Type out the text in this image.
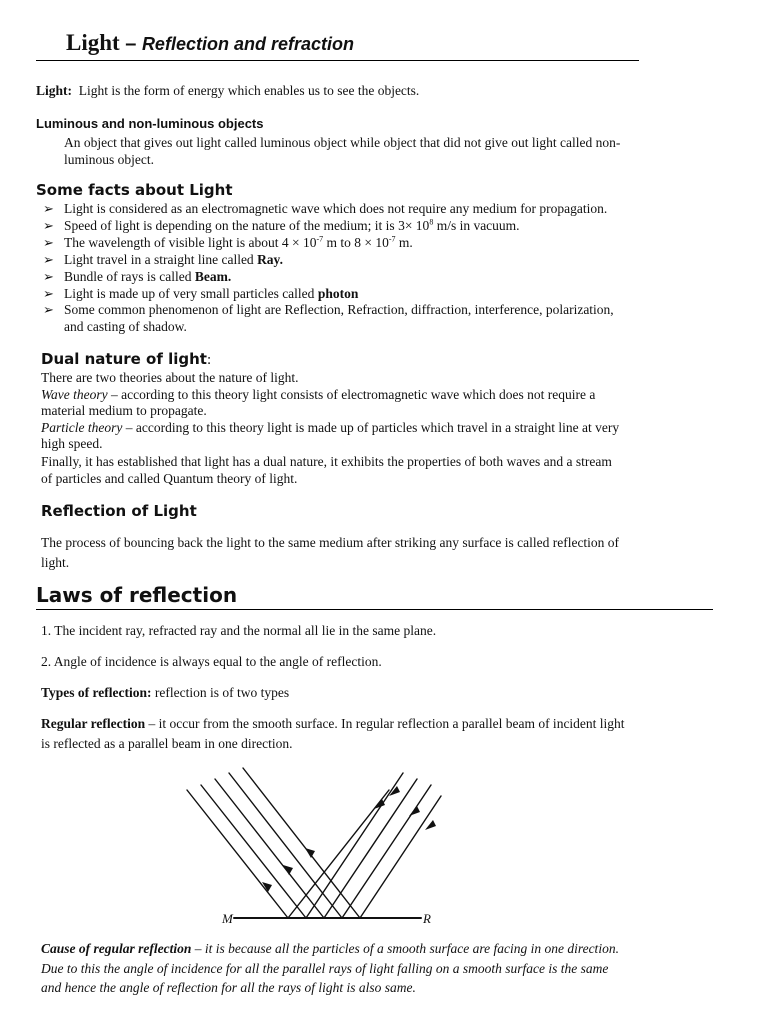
Light – Reflection and refraction
Light: Light is the form of energy which enables us to see the objects.
Luminous and non-luminous objects
An object that gives out light called luminous object while object that did not give out light called non-
luminous object.
Some facts about Light
➢ Light is considered as an electromagnetic wave which does not require any medium for propagation.
➢ Speed of light is depending on the nature of the medium; it is $3\times 10^8$ m/s in vacuum.
➢ The wavelength of visible light is about $4 \times 10^{-7}$ m to $8 \times 10^{-7}$ m.
➢ Light travel in a straight line called Ray.
➢ Bundle of rays is called Beam.
➢ Light is made up of very small particles called photon
➢ Some common phenomenon of light are Reflection, Refraction, diffraction, interference, polarization,
and casting of shadow.
Dual nature of light:
There are two theories about the nature of light.
Wave theory – according to this theory light consists of electromagnetic wave which does not require a
material medium to propagate.
Particle theory – according to this theory light is made up of particles which travel in a straight line at very
high speed.
Finally, it has established that light has a dual nature, it exhibits the properties of both waves and a stream
of particles and called Quantum theory of light.
Reflection of Light
The process of bouncing back the light to the same medium after striking any surface is called reflection of
light.
Laws of reflection
1. The incident ray, refracted ray and the normal all lie in the same plane.
2. Angle of incidence is always equal to the angle of reflection.
Types of reflection: reflection is of two types
Regular reflection – it occur from the smooth surface. In regular reflection a parallel beam of incident light
is reflected as a parallel beam in one direction.
M	R
Cause of regular reflection – it is because all the particles of a smooth surface are facing in one direction.
Due to this the angle of incidence for all the parallel rays of light falling on a smooth surface is the same
and hence the angle of reflection for all the rays of light is also same.
